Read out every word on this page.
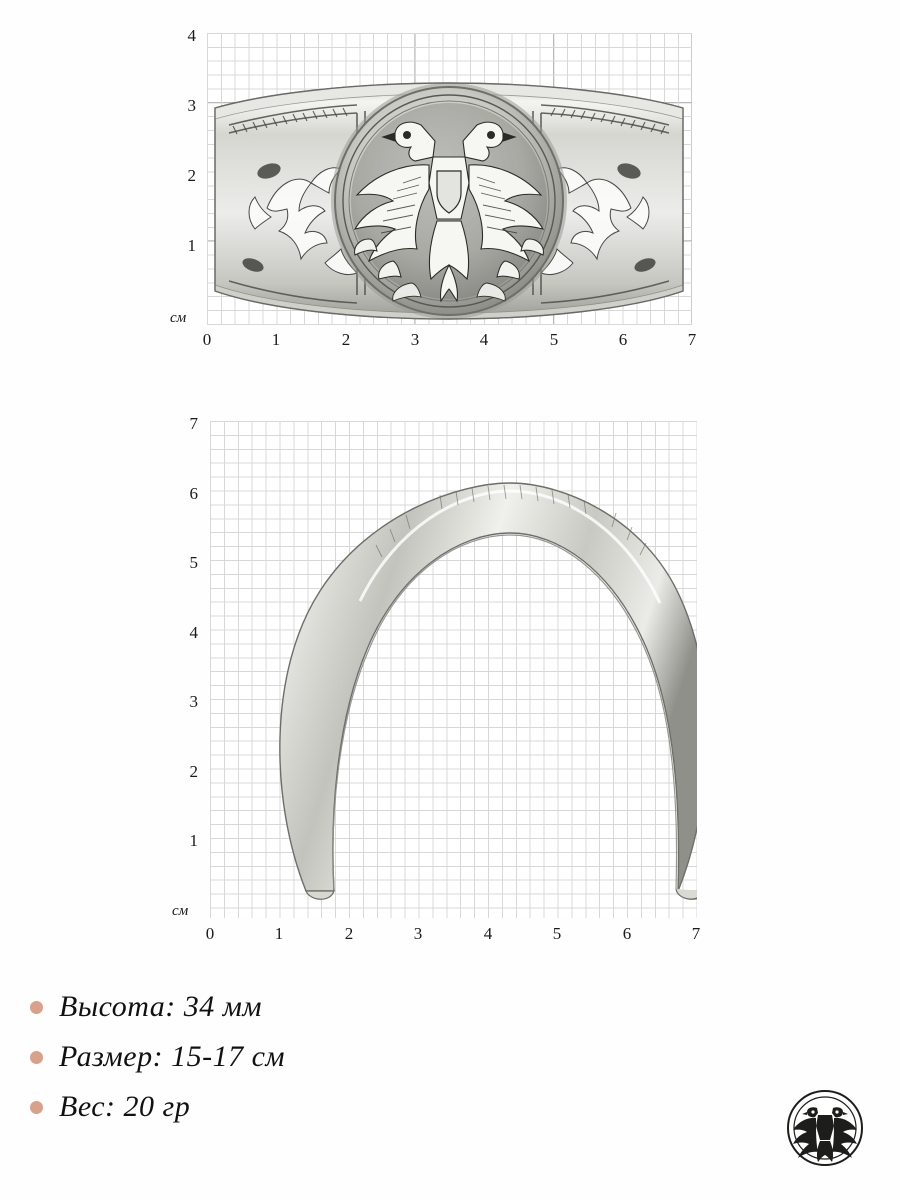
4
3
2
1
см
0	1	2	3	4	5	6	7
7
6
5
4
3
2
1
см
0	1	2	3	4	5	6	7
Высота: 34 мм
Размер: 15-17 см
Вес: 20 гр
